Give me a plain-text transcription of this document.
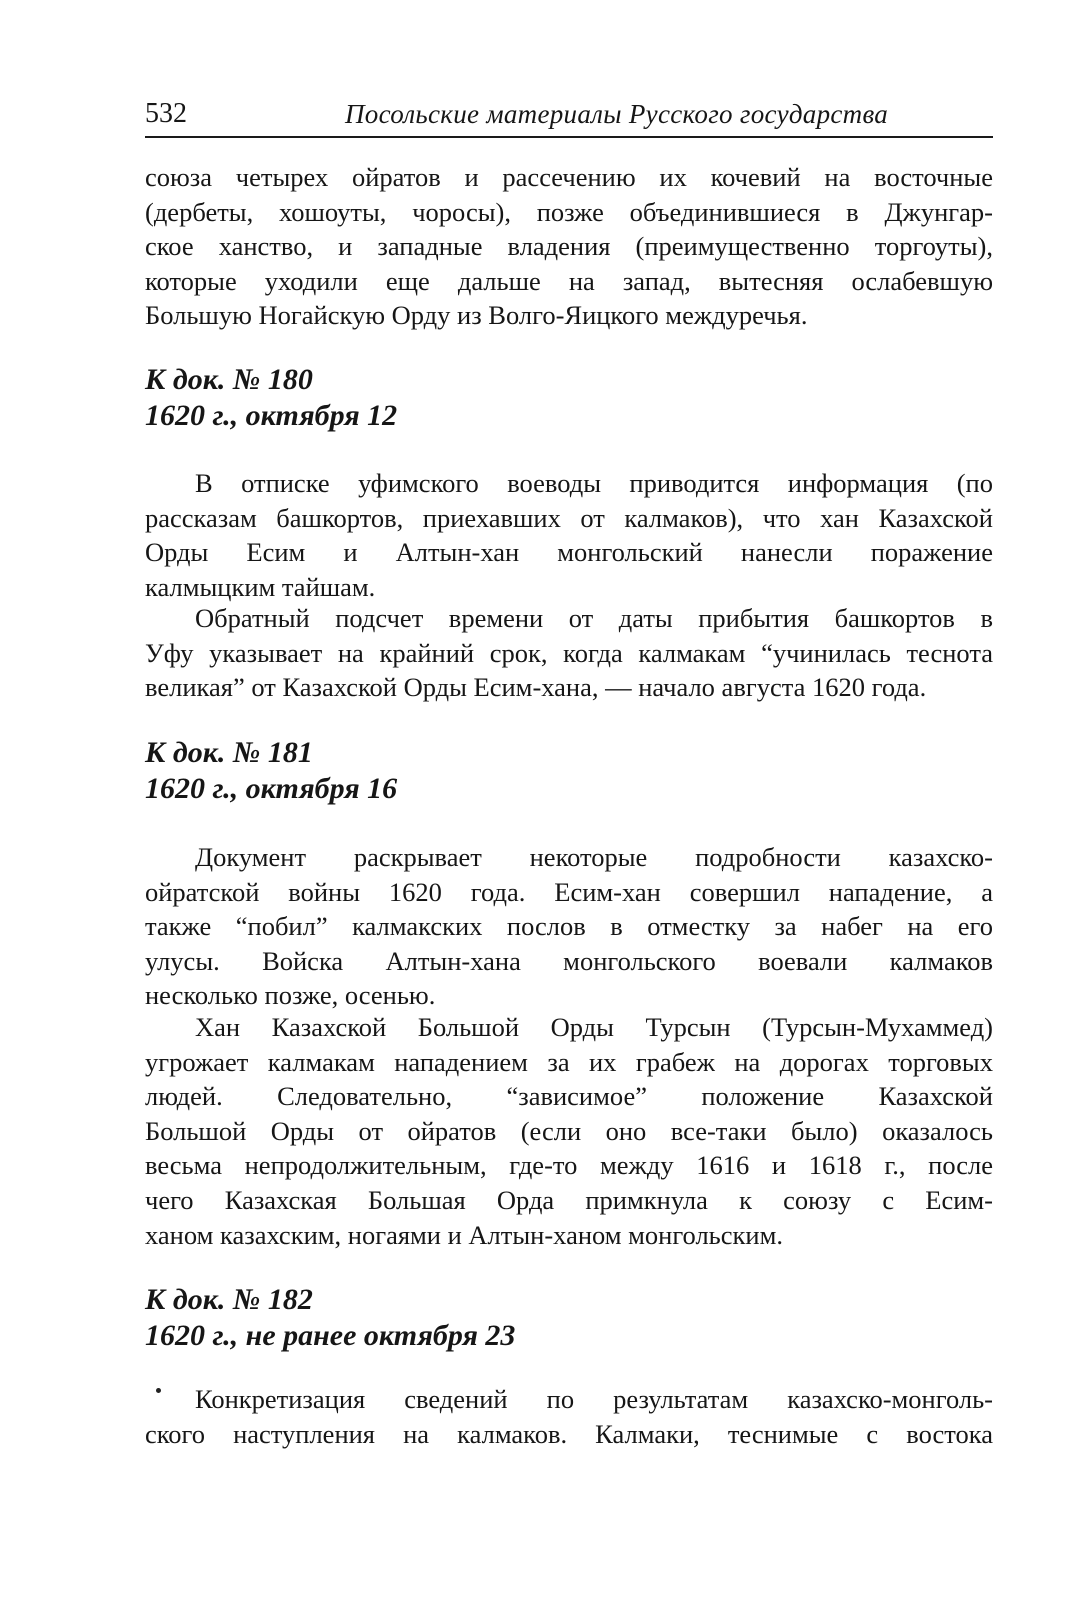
532	Посольские материалы Русского государства

союза четырех ойратов и рассечению их кочевий на восточные
(дербеты, хошоуты, чоросы), позже объединившиеся в Джунгар-
ское ханство, и западные владения (преимущественно торгоуты),
которые уходили еще дальше на запад, вытесняя ослабевшую
Большую Ногайскую Орду из Волго-Яицкого междуречья.

К док. № 180

1620 г., октября 12

В отписке уфимского воеводы приводится информация (по
рассказам башкортов, приехавших от калмаков), что хан Казахской
Орды Есим и Алтын-хан монгольский нанесли поражение
калмыцким тайшам.

Обратный подсчет времени от даты прибытия башкортов в
Уфу указывает на крайний срок, когда калмакам “учинилась теснота
великая” от Казахской Орды Есим-хана, — начало августа 1620 года.

К док. № 181

1620 г., октября 16

Документ раскрывает некоторые подробности казахско-
ойратской войны 1620 года. Есим-хан совершил нападение, а
также “побил” калмакских послов в отместку за набег на его
улусы. Войска Алтын-хана монгольского воевали калмаков
несколько позже, осенью.

Хан Казахской Большой Орды Турсын (Турсын-Мухаммед)
угрожает калмакам нападением за их грабеж на дорогах торговых
людей. Следовательно, “зависимое” положение Казахской
Большой Орды от ойратов (если оно все-таки было) оказалось
весьма непродолжительным, где-то между 1616 и 1618 г., после
чего Казахская Большая Орда примкнула к союзу с Есим-
ханом казахским, ногаями и Алтын-ханом монгольским.

К док. № 182

1620 г., не ранее октября 23

Конкретизация сведений по результатам казахско-монголь-
ского наступления на калмаков. Калмаки, теснимые с востока
